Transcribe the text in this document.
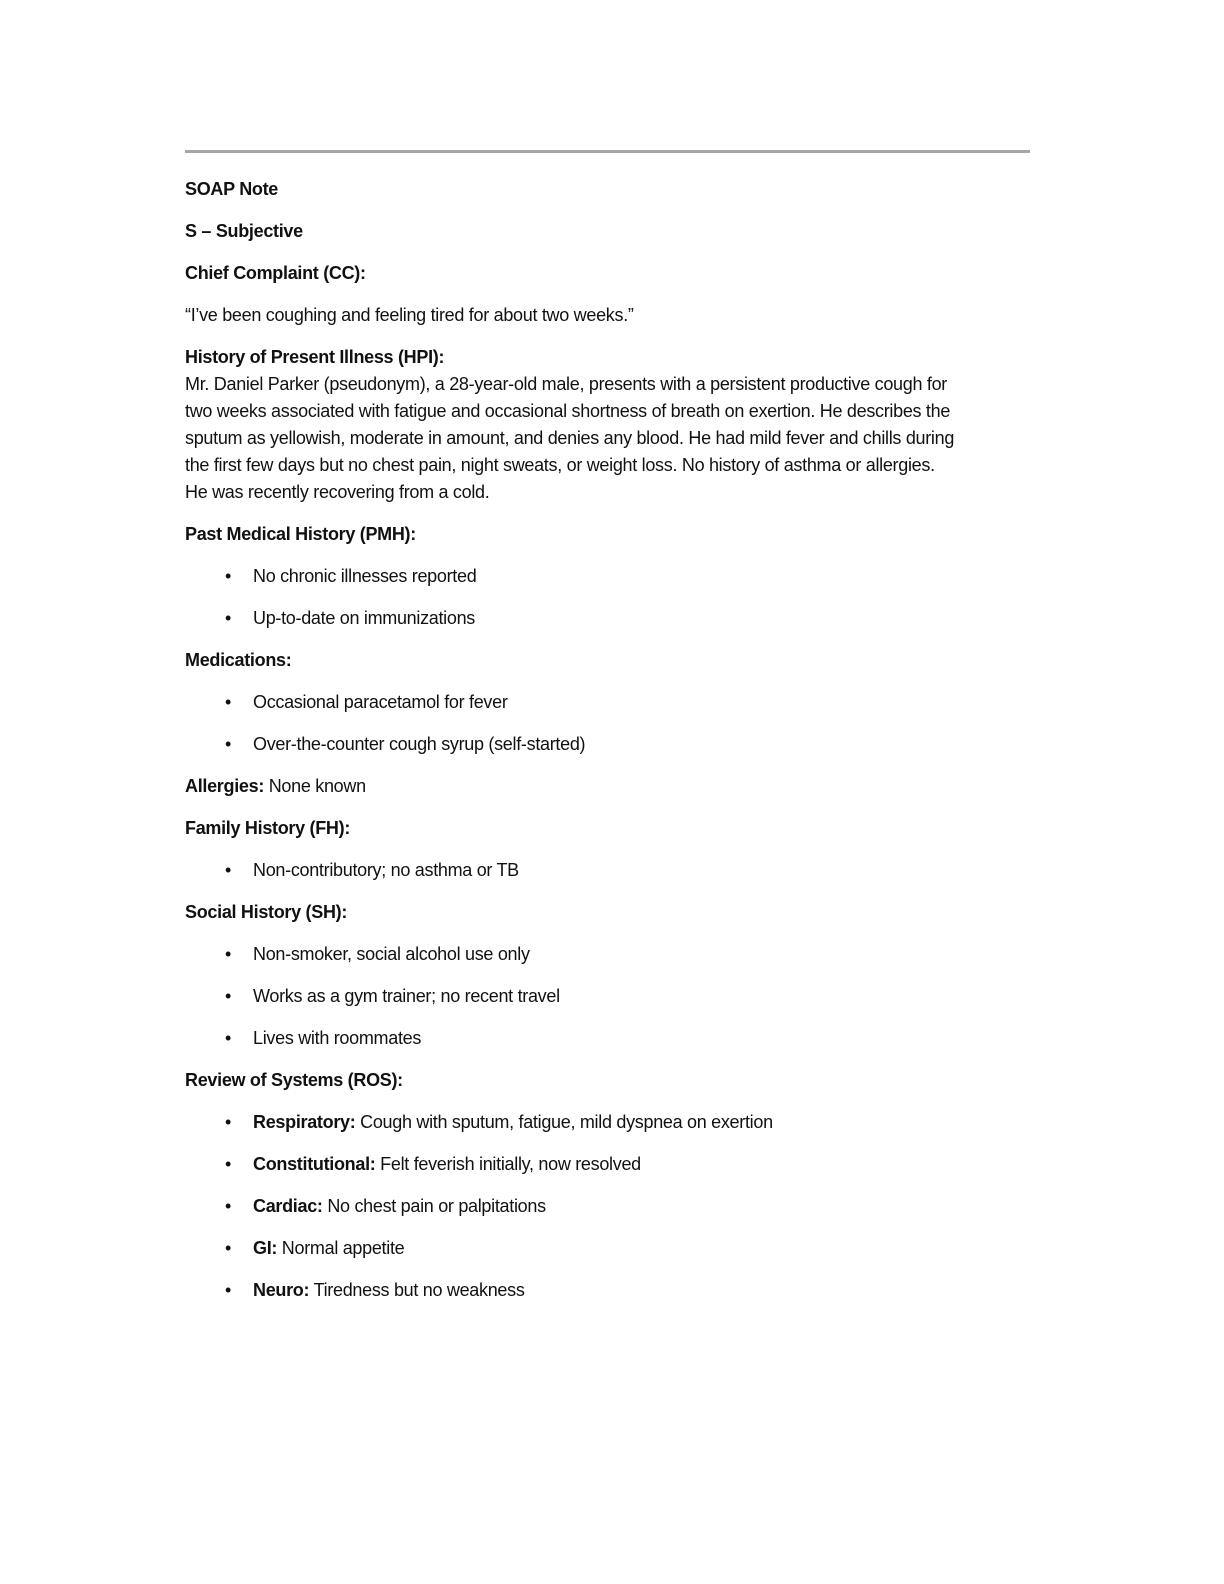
SOAP Note

S – Subjective

Chief Complaint (CC):

“I’ve been coughing and feeling tired for about two weeks.”

History of Present Illness (HPI):
Mr. Daniel Parker (pseudonym), a 28-year-old male, presents with a persistent productive cough for
two weeks associated with fatigue and occasional shortness of breath on exertion. He describes the
sputum as yellowish, moderate in amount, and denies any blood. He had mild fever and chills during
the first few days but no chest pain, night sweats, or weight loss. No history of asthma or allergies.
He was recently recovering from a cold.

Past Medical History (PMH):

• No chronic illnesses reported
• Up-to-date on immunizations

Medications:

• Occasional paracetamol for fever
• Over-the-counter cough syrup (self-started)

Allergies: None known

Family History (FH):

• Non-contributory; no asthma or TB

Social History (SH):

• Non-smoker, social alcohol use only
• Works as a gym trainer; no recent travel
• Lives with roommates

Review of Systems (ROS):

• Respiratory: Cough with sputum, fatigue, mild dyspnea on exertion
• Constitutional: Felt feverish initially, now resolved
• Cardiac: No chest pain or palpitations
• GI: Normal appetite
• Neuro: Tiredness but no weakness
